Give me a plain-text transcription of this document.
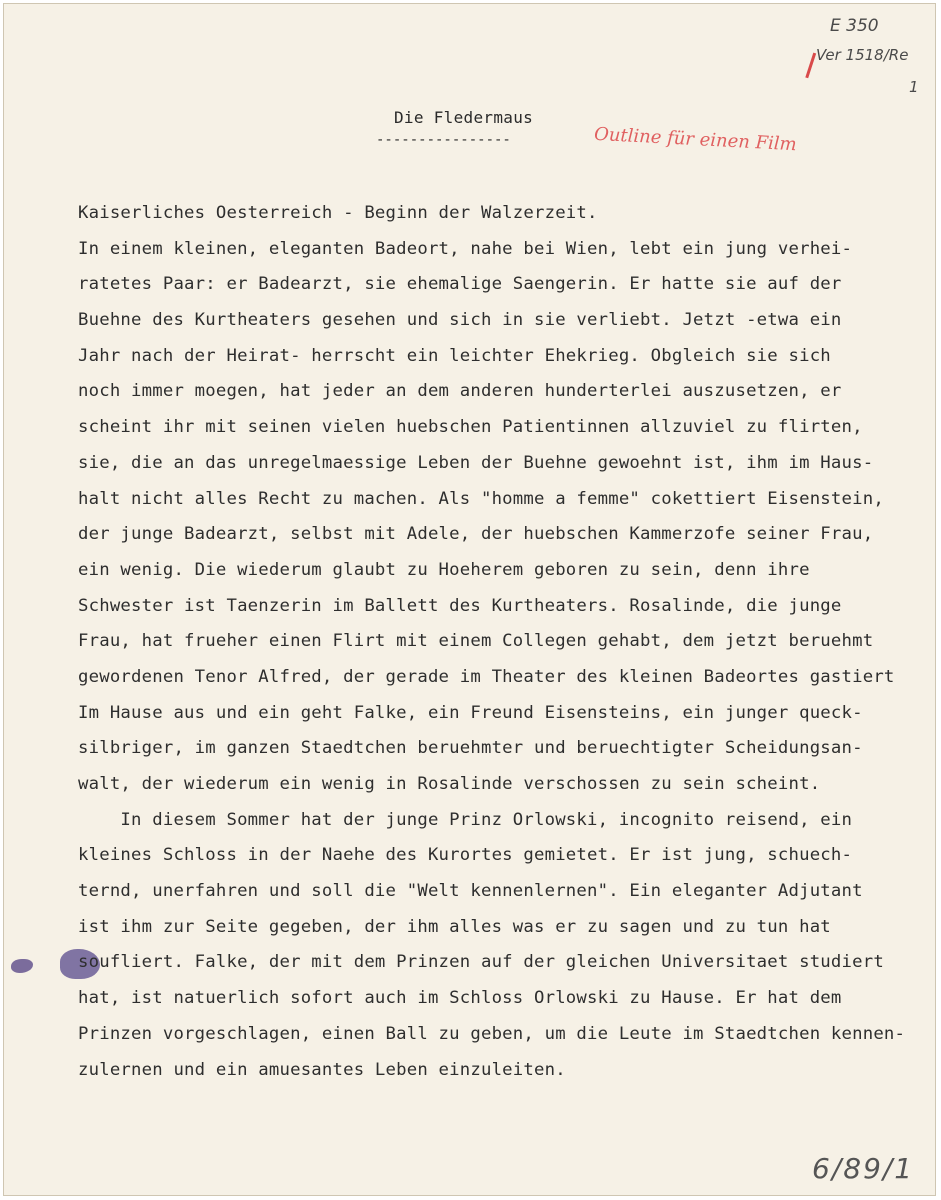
E 350
Ver 1518/Re
1
Die Fledermaus
----------------	Outline für einen Film
Kaiserliches Oesterreich - Beginn der Walzerzeit.
In einem kleinen, eleganten Badeort, nahe bei Wien, lebt ein jung verhei-
ratetes Paar: er Badearzt, sie ehemalige Saengerin. Er hatte sie auf der
Buehne des Kurtheaters gesehen und sich in sie verliebt. Jetzt -etwa ein
Jahr nach der Heirat- herrscht ein leichter Ehekrieg. Obgleich sie sich
noch immer moegen, hat jeder an dem anderen hunderterlei auszusetzen, er
scheint ihr mit seinen vielen huebschen Patientinnen allzuviel zu flirten,
sie, die an das unregelmaessige Leben der Buehne gewoehnt ist, ihm im Haus-
halt nicht alles Recht zu machen. Als "homme a femme" cokettiert Eisenstein,
der junge Badearzt, selbst mit Adele, der huebschen Kammerzofe seiner Frau,
ein wenig. Die wiederum glaubt zu Hoeherem geboren zu sein, denn ihre
Schwester ist Taenzerin im Ballett des Kurtheaters. Rosalinde, die junge
Frau, hat frueher einen Flirt mit einem Collegen gehabt, dem jetzt beruehmt
gewordenen Tenor Alfred, der gerade im Theater des kleinen Badeortes gastiert
Im Hause aus und ein geht Falke, ein Freund Eisensteins, ein junger queck-
silbriger, im ganzen Staedtchen beruehmter und beruechtigter Scheidungsan-
walt, der wiederum ein wenig in Rosalinde verschossen zu sein scheint.
In diesem Sommer hat der junge Prinz Orlowski, incognito reisend, ein
kleines Schloss in der Naehe des Kurortes gemietet. Er ist jung, schuech-
ternd, unerfahren und soll die "Welt kennenlernen". Ein eleganter Adjutant
ist ihm zur Seite gegeben, der ihm alles was er zu sagen und zu tun hat
soufliert. Falke, der mit dem Prinzen auf der gleichen Universitaet studiert
hat, ist natuerlich sofort auch im Schloss Orlowski zu Hause. Er hat dem
Prinzen vorgeschlagen, einen Ball zu geben, um die Leute im Staedtchen kennen-
zulernen und ein amuesantes Leben einzuleiten.
6/89/1
